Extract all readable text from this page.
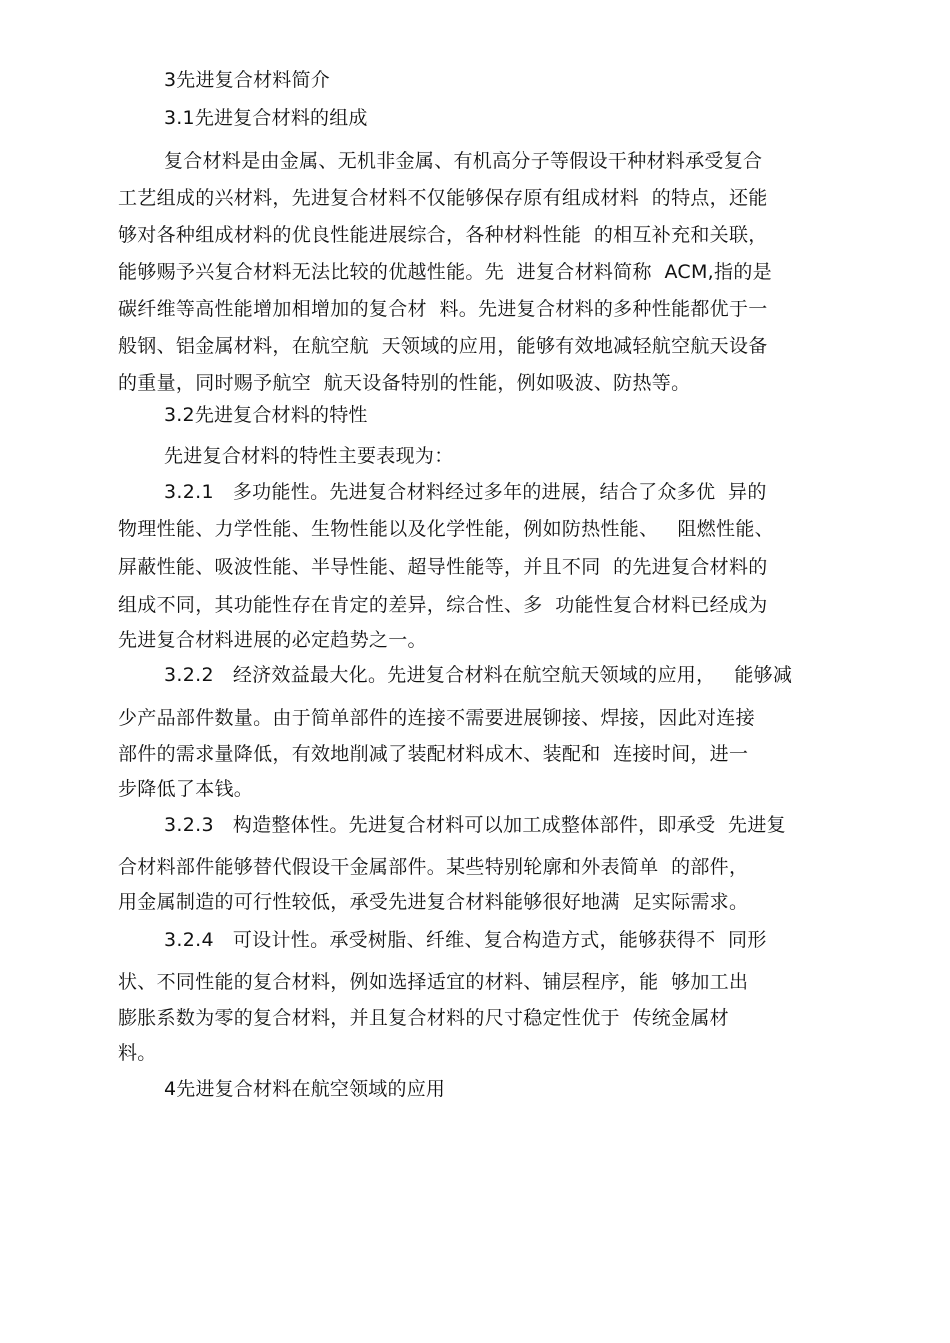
3先进复合材料简介
3.1先进复合材料的组成
复合材料是由金属、无机非金属、有机高分子等假设干种材料承受复合
工艺组成的兴材料，先进复合材料不仅能够保存原有组成材料  的特点，还能
够对各种组成材料的优良性能进展综合，各种材料性能  的相互补充和关联，
能够赐予兴复合材料无法比较的优越性能。先  进复合材料简称  ACM,指的是
碳纤维等高性能增加相增加的复合材  料。先进复合材料的多种性能都优于一
般钢、铝金属材料，在航空航  天领域的应用，能够有效地减轻航空航天设备
的重量，同时赐予航空  航天设备特别的性能，例如吸波、防热等。
3.2先进复合材料的特性
先进复合材料的特性主要表现为：
3.2.1   多功能性。先进复合材料经过多年的进展，结合了众多优  异的
物理性能、力学性能、生物性能以及化学性能，例如防热性能、   阻燃性能、
屏蔽性能、吸波性能、半导性能、超导性能等，并且不同  的先进复合材料的
组成不同，其功能性存在肯定的差异，综合性、多  功能性复合材料已经成为
先进复合材料进展的必定趋势之一。
3.2.2   经济效益最大化。先进复合材料在航空航天领域的应用，   能够减
少产品部件数量。由于简单部件的连接不需要进展铆接、焊接，因此对连接
部件的需求量降低，有效地削减了装配材料成木、装配和  连接时间，进一
步降低了本钱。
3.2.3   构造整体性。先进复合材料可以加工成整体部件，即承受  先进复
合材料部件能够替代假设干金属部件。某些特别轮廓和外表简单  的部件，
用金属制造的可行性较低，承受先进复合材料能够很好地满  足实际需求。
3.2.4   可设计性。承受树脂、纤维、复合构造方式，能够获得不  同形
状、不同性能的复合材料，例如选择适宜的材料、铺层程序，能  够加工出
膨胀系数为零的复合材料，并且复合材料的尺寸稳定性优于  传统金属材
料。
4先进复合材料在航空领域的应用
